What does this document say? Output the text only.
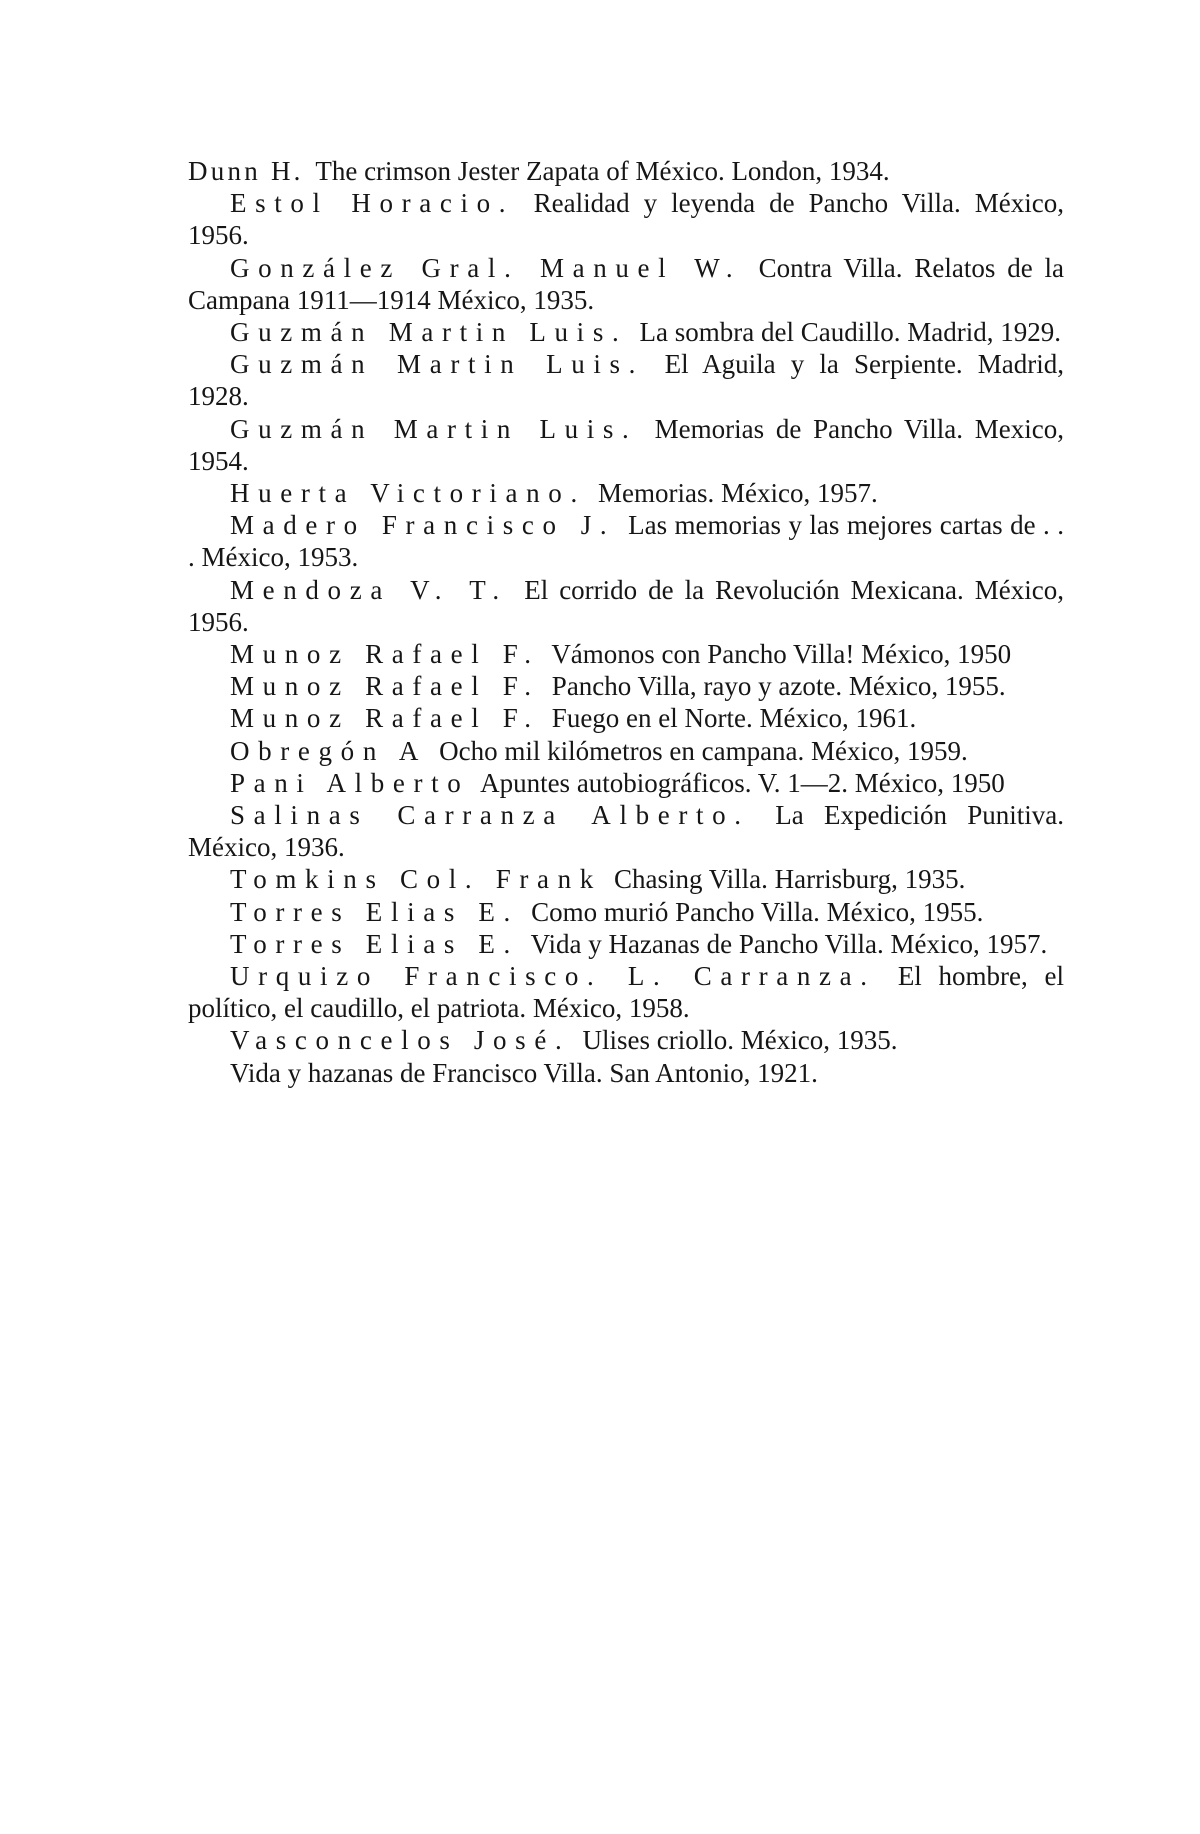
Dunn H. The crimson Jester Zapata of México. London, 1934.
Estol Horacio. Realidad y leyenda de Pancho Villa. México, 1956.
González Gral. Manuel W. Contra Villa. Relatos de la Campana 1911—1914 México, 1935.
Guzmán Martin Luis. La sombra del Caudillo. Madrid, 1929.
Guzmán Martin Luis. El Aguila y la Serpiente. Madrid, 1928.
Guzmán Martin Luis. Memorias de Pancho Villa. Mexico, 1954.
Huerta Victoriano. Memorias. México, 1957.
Madero Francisco J. Las memorias y las mejores cartas de . . . México, 1953.
Mendoza V. T. El corrido de la Revolución Mexicana. México, 1956.
Munoz Rafael F. Vámonos con Pancho Villa! México, 1950
Munoz Rafael F. Pancho Villa, rayo y azote. México, 1955.
Munoz Rafael F. Fuego en el Norte. México, 1961.
Obregón A Ocho mil kilómetros en campana. México, 1959.
Pani Alberto Apuntes autobiográficos. V. 1—2. México, 1950
Salinas Carranza Alberto. La Expedición Punitiva. México, 1936.
Tomkins Col. Frank Chasing Villa. Harrisburg, 1935.
Torres Elias E. Como murió Pancho Villa. México, 1955.
Torres Elias E. Vida y Hazanas de Pancho Villa. México, 1957.
Urquizo Francisco. L. Carranza. El hombre, el político, el caudillo, el patriota. México, 1958.
Vasconcelos José. Ulises criollo. México, 1935.
Vida y hazanas de Francisco Villa. San Antonio, 1921.
